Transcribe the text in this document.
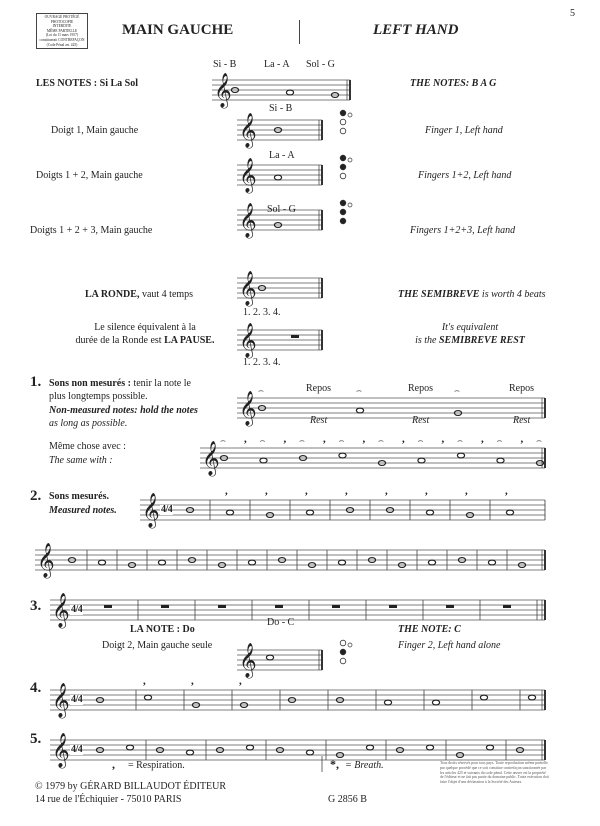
𝄞
𝄞
𝄞
𝄞
𝄞
𝄞
𝄞
⌢	⌢	⌢
𝄞
⌢ , ⌢ , ⌢ , ⌢ , ⌢ , ⌢ , ⌢ , ⌢ , ⌢
𝄞
,	,	,	,	,	,	,	,
𝄞
𝄞
𝄞
𝄞
,	,	,
𝄞	,	*,
OUVRAGE PROTÉGÉ
PHOTOCOPIE
INTERDITE
MÊME PARTIELLE
(Loi du 11 mars 1957)
constituerait CONTREFAÇON
(Code Pénal art. 425)
5
MAIN GAUCHE	LEFT HAND
LES NOTES : Si La Sol	THE NOTES: B A G
Si - B	La - A Sol - G
Doigt 1, Main gauche	Finger 1, Left hand
Si - B
Doigts 1 + 2, Main gauche	Fingers 1+2, Left hand
La - A
Doigts 1 + 2 + 3, Main gauche	Fingers 1+2+3, Left hand
Sol - G
LA RONDE, vaut 4 temps	THE SEMIBREVE is worth 4 beats
1. 2. 3. 4.
Le silence équivalent à la
durée de la Ronde est LA PAUSE.
It's equivalent
is the SEMIBREVE REST
1. 2. 3. 4.
1. Sons non mesurés : tenir la note le
plus longtemps possible.
Non-measured notes: hold the notes
as long as possible.
Repos	Repos	Repos
Rest	Rest	Rest
Même chose avec :
The same with :
2. Sons mesurés.
Measured notes.	4/4
3.	4/4
LA NOTE : Do	THE NOTE: C
Do - C
Doigt 2, Main gauche seule	Finger 2, Left hand alone
4.
4/4
5.
4/4
= Respiration.	= Breath.
© 1979 by GÉRARD BILLAUDOT ÉDITEUR
14 rue de l'Échiquier - 75010 PARIS	G 2856 B
Tous droits réservés pour tous pays. Toute reproduction même partielle par quelque procédé que ce soit constitue contrefaçon sanctionnée par les articles 425 et suivants du code pénal. Cette œuvre est la propriété de l'éditeur et ne fait pas partie du domaine public. Toute exécution doit faire l'objet d'une déclaration à la Société des Auteurs.
